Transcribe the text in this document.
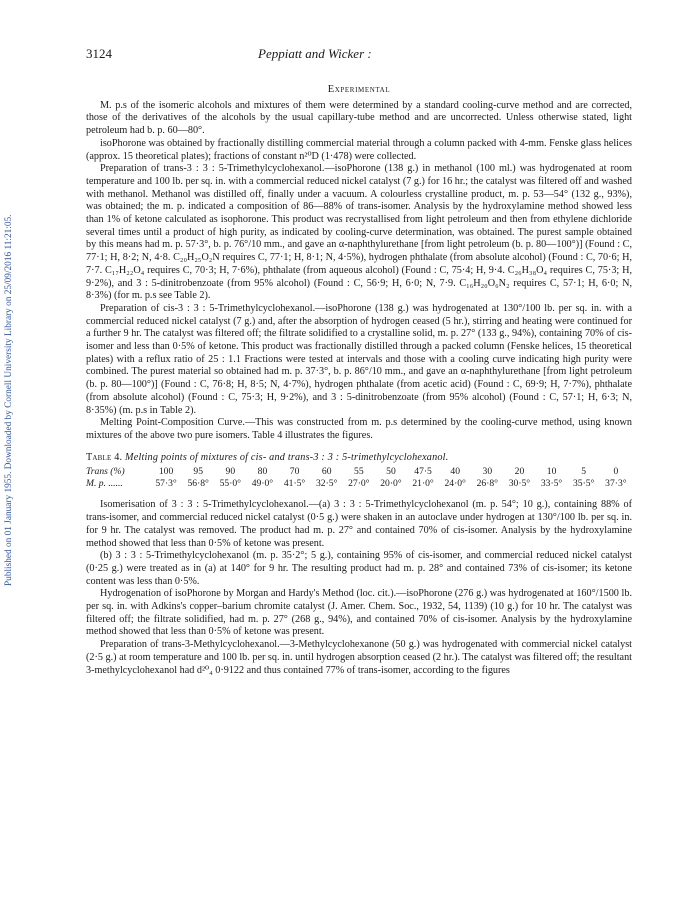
Published on 01 January 1955. Downloaded by Cornell University Library on 25/09/2016 11:21:05.
3124	Peppiatt and Wicker :
Experimental

M. p.s of the isomeric alcohols and mixtures of them were determined by a standard cooling-curve method and are corrected, those of the derivatives of the alcohols by the usual capillary-tube method and are uncorrected. Unless otherwise stated, light petroleum had b. p. 60—80°.

isoPhorone was obtained by fractionally distilling commercial material through a column packed with 4-mm. Fenske glass helices (approx. 15 theoretical plates); fractions of constant n²⁰D (1·478) were collected.

Preparation of trans-3 : 3 : 5-Trimethylcyclohexanol.—isoPhorone (138 g.) in methanol (100 ml.) was hydrogenated at room temperature and 100 lb. per sq. in. with a commercial reduced nickel catalyst (7 g.) for 16 hr.; the catalyst was filtered off and washed with methanol. Methanol was distilled off, finally under a vacuum. A colourless crystalline product, m. p. 53—54° (132 g., 93%), was obtained; the m. p. indicated a composition of 86—88% of trans-isomer. Analysis by the hydroxylamine method showed less than 1% of ketone calculated as isophorone. This product was recrystallised from light petroleum and then from ethylene dichloride several times until a product of high purity, as indicated by cooling-curve determination, was obtained. The purest sample obtained by this means had m. p. 57·3°, b. p. 76°/10 mm., and gave an α-naphthylurethane [from light petroleum (b. p. 80—100°)] (Found : C, 77·1; H, 8·2; N, 4·8. C₂₀H₂₅O₂N requires C, 77·1; H, 8·1; N, 4·5%), hydrogen phthalate (from absolute alcohol) (Found : C, 70·6; H, 7·7. C₁₇H₂₂O₄ requires C, 70·3; H, 7·6%), phthalate (from aqueous alcohol) (Found : C, 75·4; H, 9·4. C₂₆H₃₈O₄ requires C, 75·3; H, 9·2%), and 3 : 5-dinitrobenzoate (from 95% alcohol) (Found : C, 56·9; H, 6·0; N, 7·9. C₁₆H₂₀O₆N₂ requires C, 57·1; H, 6·0; N, 8·3%) (for m. p.s see Table 2).

Preparation of cis-3 : 3 : 5-Trimethylcyclohexanol.—isoPhorone (138 g.) was hydrogenated at 130°/100 lb. per sq. in. with a commercial reduced nickel catalyst (7 g.) and, after the absorption of hydrogen ceased (5 hr.), stirring and heating were continued for a further 9 hr. The catalyst was filtered off; the filtrate solidified to a crystalline solid, m. p. 27° (133 g., 94%), containing 70% of cis-isomer and less than 0·5% of ketone. This product was fractionally distilled through a packed column (Fenske helices, 15 theoretical plates) with a reflux ratio of 25 : 1.1 Fractions were tested at intervals and those with a cooling curve indicating high purity were combined. The purest material so obtained had m. p. 37·3°, b. p. 86°/10 mm., and gave an α-naphthylurethane [from light petroleum (b. p. 80—100°)] (Found : C, 76·8; H, 8·5; N, 4·7%), hydrogen phthalate (from acetic acid) (Found : C, 69·9; H, 7·7%), phthalate (from absolute alcohol) (Found : C, 75·3; H, 9·2%), and 3 : 5-dinitrobenzoate (from 95% alcohol) (Found : C, 57·1; H, 6·3; N, 8·35%) (m. p.s in Table 2).

Melting Point-Composition Curve.—This was constructed from m. p.s determined by the cooling-curve method, using known mixtures of the above two pure isomers. Table 4 illustrates the figures.

Table 4. Melting points of mixtures of cis- and trans-3 : 3 : 5-trimethylcyclohexanol.
Trans (%)	100	95	90	80	70	60	55	50	47·5	40	30	20	10	5	0
M. p. ......	57·3°	56·8°	55·0°	49·0°	41·5°	32·5°	27·0°	20·0°	21·0°	24·0°	26·8°	30·5°	33·5°	35·5°	37·3°

Isomerisation of 3 : 3 : 5-Trimethylcyclohexanol.—(a) 3 : 3 : 5-Trimethylcyclohexanol (m. p. 54°; 10 g.), containing 88% of trans-isomer, and commercial reduced nickel catalyst (0·5 g.) were shaken in an autoclave under hydrogen at 130°/100 lb. per sq. in. for 9 hr. The catalyst was removed. The product had m. p. 27° and contained 70% of cis-isomer. Analysis by the hydroxylamine method showed that less than 0·5% of ketone was present.

(b) 3 : 3 : 5-Trimethylcyclohexanol (m. p. 35·2°; 5 g.), containing 95% of cis-isomer, and commercial reduced nickel catalyst (0·25 g.) were treated as in (a) at 140° for 9 hr. The resulting product had m. p. 28° and contained 73% of cis-isomer; its ketone content was less than 0·5%.

Hydrogenation of isoPhorone by Morgan and Hardy's Method (loc. cit.).—isoPhorone (276 g.) was hydrogenated at 160°/1500 lb. per sq. in. with Adkins's copper–barium chromite catalyst (J. Amer. Chem. Soc., 1932, 54, 1139) (10 g.) for 10 hr. The catalyst was filtered off; the filtrate solidified, had m. p. 27° (268 g., 94%), and contained 70% of cis-isomer. Analysis by the hydroxylamine method showed that less than 0·5% of ketone was present.

Preparation of trans-3-Methylcyclohexanol.—3-Methylcyclohexanone (50 g.) was hydrogenated with commercial nickel catalyst (2·5 g.) at room temperature and 100 lb. per sq. in. until hydrogen absorption ceased (2 hr.). The catalyst was filtered off; the resultant 3-methylcyclohexanol had d²⁰₄ 0·9122 and thus contained 77% of trans-isomer, according to the figures
